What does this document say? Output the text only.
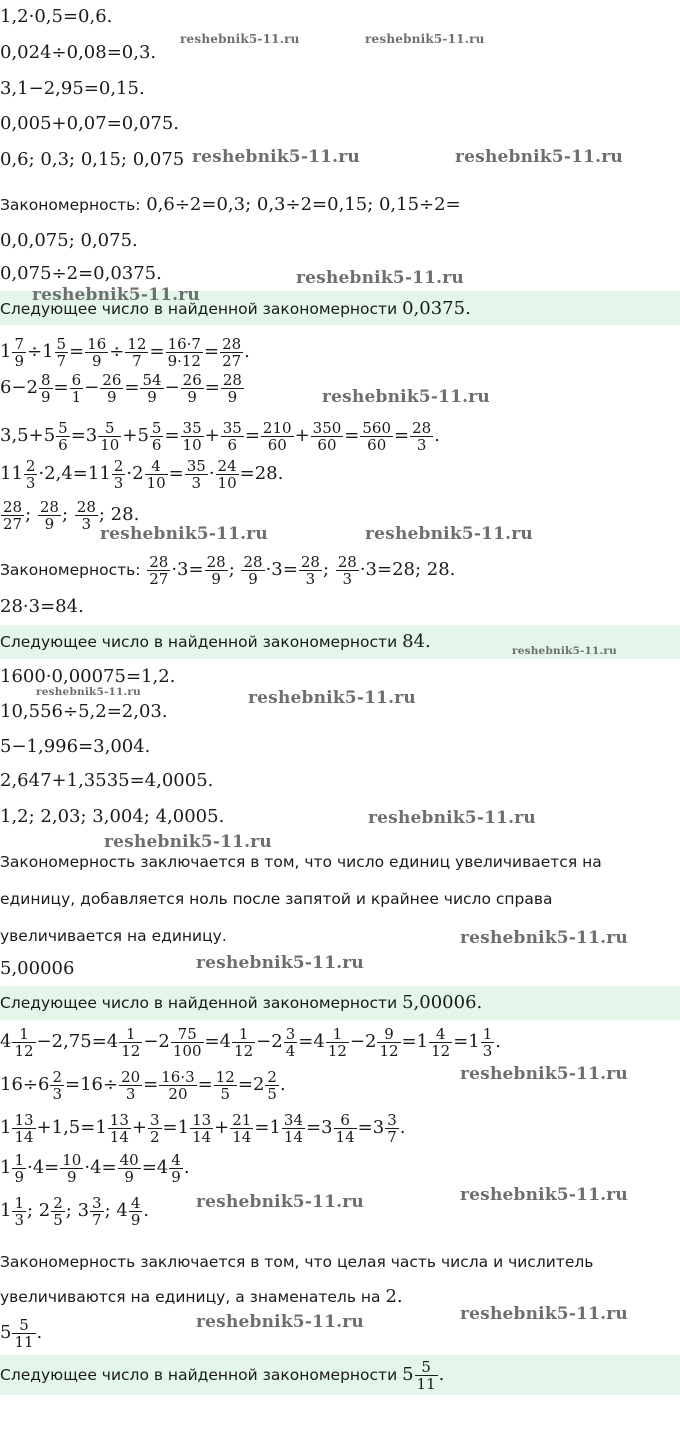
1,2·0,5=0,6.
0,024÷0,08=0,3.
3,1−2,95=0,15.
0,005+0,07=0,075.
0,6; 0,3; 0,15; 0,075
Закономерность: 0,6÷2=0,3; 0,3÷2=0,15; 0,15÷2=
0,0,075; 0,075.
0,075÷2=0,0375.
Следующее число в найденной закономерности 0,0375.
$1 \frac{7}{9} \div 1 \frac{5}{7} = \frac{16}{9} \div \frac{12}{7} = \frac{16\cdot 7}{9\cdot 12} = \frac{28}{27}$ .
$6-2 \frac{8}{9} = \frac{6}{1} - \frac{26}{9} = \frac{54}{9} - \frac{26}{9} = \frac{28}{9}$
$3,5+5 \frac{5}{6} =3 \frac{5}{10} +5 \frac{5}{6} = \frac{35}{10} + \frac{35}{6} = \frac{210}{60} + \frac{350}{60} = \frac{560}{60} = \frac{28}{3}$ .
$11 \frac{2}{3} \cdot 2,4=11 \frac{2}{3} \cdot 2 \frac{4}{10} = \frac{35}{3} \cdot \frac{24}{10} =28$.
$\frac{28}{27}$ ; $\frac{28}{9}$ ; $\frac{28}{3}$ ; 28.
Закономерность: $\frac{28}{27} \cdot 3= \frac{28}{9}$ ; $\frac{28}{9} \cdot 3= \frac{28}{3}$ ; $\frac{28}{3} \cdot 3=28$; 28.
28·3=84.
Следующее число в найденной закономерности 84.
1600·0,00075=1,2.
10,556÷5,2=2,03.
5−1,996=3,004.
2,647+1,3535=4,0005.
1,2; 2,03; 3,004; 4,0005.
Закономерность заключается в том, что число единиц увеличивается на
единицу, добавляется ноль после запятой и крайнее число справа
увеличивается на единицу.
5,00006
Следующее число в найденной закономерности 5,00006.
$4 \frac{1}{12} -2,75=4 \frac{1}{12} -2 \frac{75}{100} =4 \frac{1}{12} -2 \frac{3}{4} =4 \frac{1}{12} -2 \frac{9}{12} =1 \frac{4}{12} =1 \frac{1}{3}$ .
$16\div 6 \frac{2}{3} =16\div \frac{20}{3} = \frac{16\cdot 3}{20} = \frac{12}{5} =2 \frac{2}{5}$ .
$1 \frac{13}{14} +1,5=1 \frac{13}{14} + \frac{3}{2} =1 \frac{13}{14} + \frac{21}{14} =1 \frac{34}{14} =3 \frac{6}{14} =3 \frac{3}{7}$ .
$1 \frac{1}{9} \cdot 4= \frac{10}{9} \cdot 4= \frac{40}{9} =4 \frac{4}{9}$ .
$1 \frac{1}{3}$ ; $2 \frac{2}{5}$ ; $3 \frac{3}{7}$ ; $4 \frac{4}{9}$ .
Закономерность заключается в том, что целая часть числа и числитель
увеличиваются на единицу, а знаменатель на 2.
$5 \frac{5}{11}$ .
Следующее число в найденной закономерности $5 \frac{5}{11}$ .
reshebnik5-11.ru	reshebnik5-11.ru
reshebnik5-11.ru	reshebnik5-11.ru
reshebnik5-11.ru
reshebnik5-11.ru
reshebnik5-11.ru
reshebnik5-11.ru	reshebnik5-11.ru
reshebnik5-11.ru
reshebnik5-11.ru	reshebnik5-11.ru
reshebnik5-11.ru
reshebnik5-11.ru
reshebnik5-11.ru
reshebnik5-11.ru
reshebnik5-11.ru
reshebnik5-11.ru
reshebnik5-11.ru
reshebnik5-11.ru
reshebnik5-11.ru
